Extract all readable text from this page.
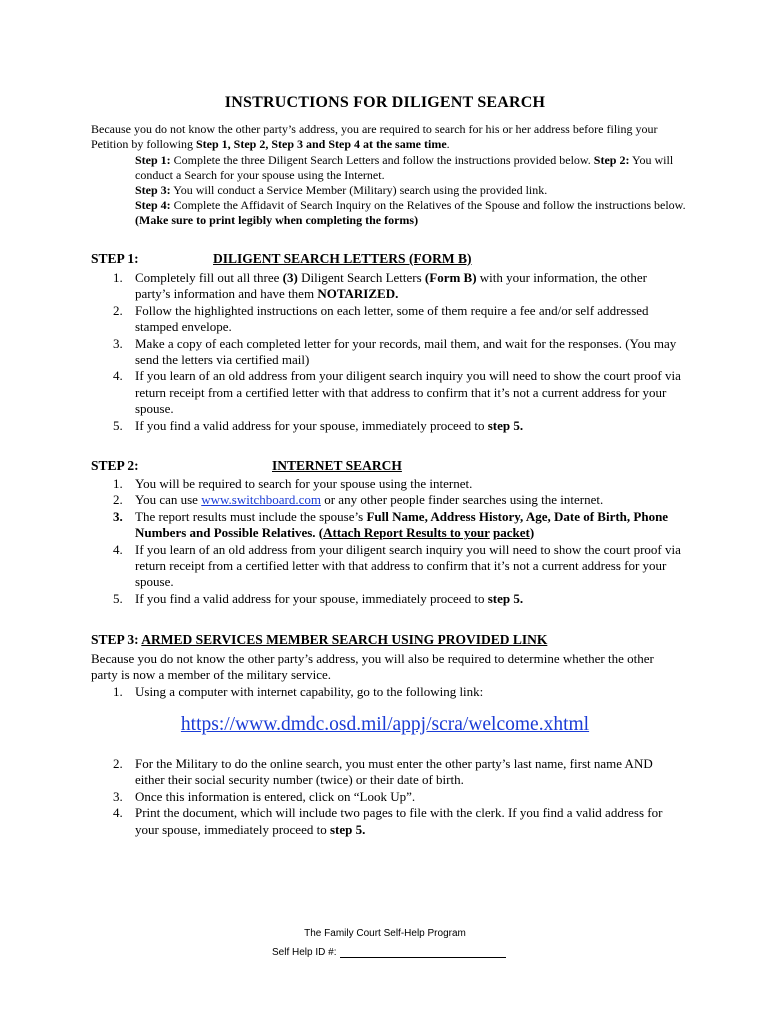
INSTRUCTIONS FOR DILIGENT SEARCH
Because you do not know the other party’s address, you are required to search for his or her address before filing your Petition by following Step 1, Step 2, Step 3 and Step 4 at the same time.

Step 1: Complete the three Diligent Search Letters and follow the instructions provided below. Step 2: You will conduct a Search for your spouse using the Internet.

Step 3: You will conduct a Service Member (Military) search using the provided link.

Step 4: Complete the Affidavit of Search Inquiry on the Relatives of the Spouse and follow the instructions below. (Make sure to print legibly when completing the forms)

STEP 1:	DILIGENT SEARCH LETTERS (FORM B)
1. Completely fill out all three (3) Diligent Search Letters (Form B) with your information, the other party’s information and have them NOTARIZED.
2. Follow the highlighted instructions on each letter, some of them require a fee and/or self addressed stamped envelope.
3. Make a copy of each completed letter for your records, mail them, and wait for the responses. (You may send the letters via certified mail)
4. If you learn of an old address from your diligent search inquiry you will need to show the court proof via return receipt from a certified letter with that address to confirm that it’s not a current address for your spouse.
5. If you find a valid address for your spouse, immediately proceed to step 5.
STEP 2:	INTERNET SEARCH
1. You will be required to search for your spouse using the internet.
2. You can use www.switchboard.com or any other people finder searches using the internet.
3. The report results must include the spouse’s Full Name, Address History, Age, Date of Birth, Phone Numbers and Possible Relatives. (Attach Report Results to your packet)
4. If you learn of an old address from your diligent search inquiry you will need to show the court proof via return receipt from a certified letter with that address to confirm that it’s not a current address for your spouse.
5. If you find a valid address for your spouse, immediately proceed to step 5.
STEP 3: ARMED SERVICES MEMBER SEARCH USING PROVIDED LINK
Because you do not know the other party’s address, you will also be required to determine whether the other party is now a member of the military service.
1. Using a computer with internet capability, go to the following link:
https://www.dmdc.osd.mil/appj/scra/welcome.xhtml
2. For the Military to do the online search, you must enter the other party’s last name, first name AND either their social security number (twice) or their date of birth.
3. Once this information is entered, click on “Look Up”.
4. Print the document, which will include two pages to file with the clerk. If you find a valid address for your spouse, immediately proceed to step 5.
The Family Court Self-Help Program
Self Help ID #:
